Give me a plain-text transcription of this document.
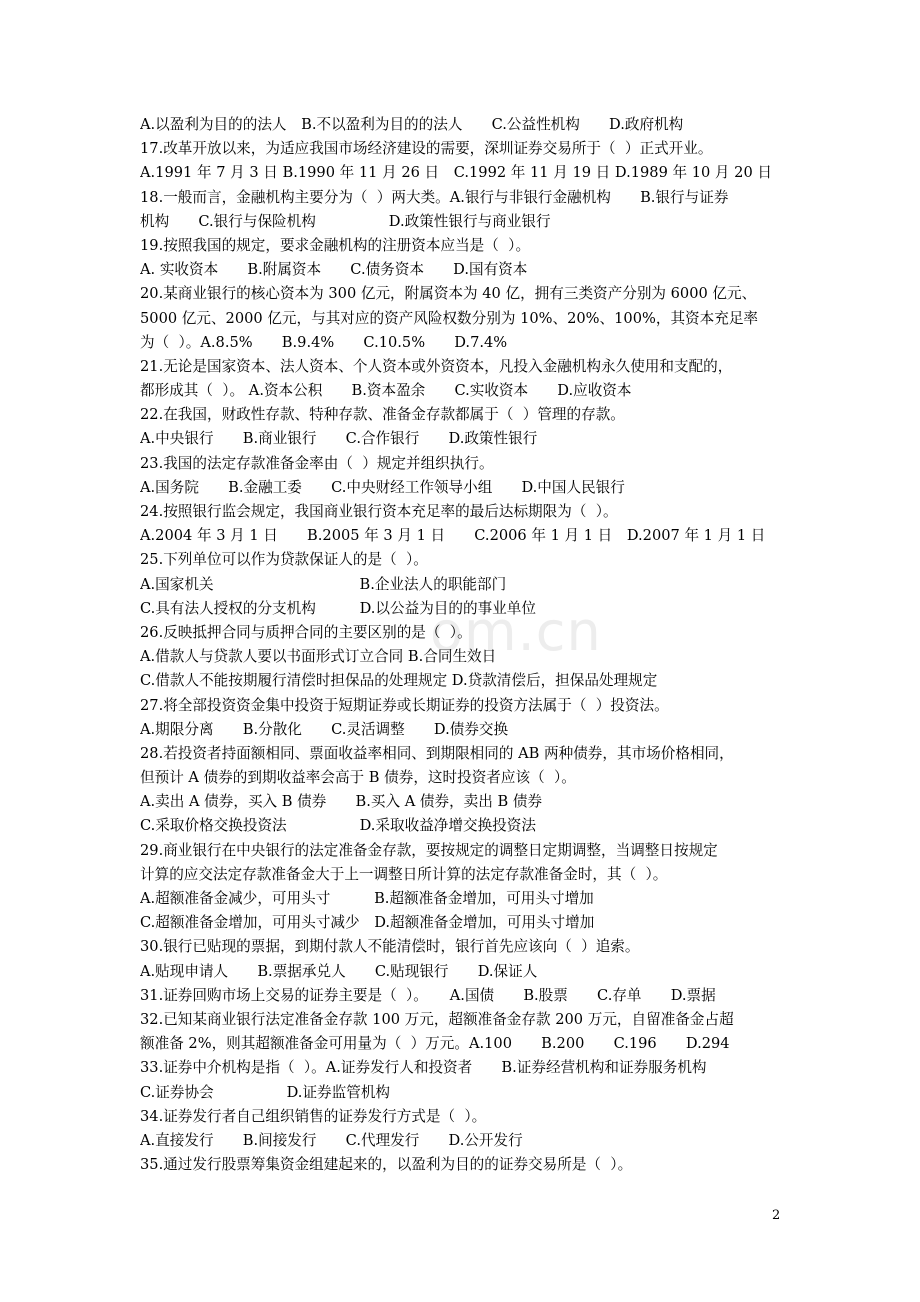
om.cn
A.以盈利为目的的法人　B.不以盈利为目的的法人　　C.公益性机构　　D.政府机构
17.改革开放以来，为适应我国市场经济建设的需要，深圳证券交易所于（  ）正式开业。
A.1991 年 7 月 3 日 B.1990 年 11 月 26 日　C.1992 年 11 月 19 日 D.1989 年 10 月 20 日
18.一般而言，金融机构主要分为（  ）两大类。A.银行与非银行金融机构　　B.银行与证券
机构　　C.银行与保险机构　　　　　D.政策性银行与商业银行
19.按照我国的规定，要求金融机构的注册资本应当是（  ）。
A. 实收资本　　B.附属资本　　C.债务资本　　D.国有资本
20.某商业银行的核心资本为 300 亿元，附属资本为 40 亿，拥有三类资产分别为 6000 亿元、
5000 亿元、2000 亿元，与其对应的资产风险权数分别为 10%、20%、100%，其资本充足率
为（  ）。A.8.5%　　B.9.4%　　C.10.5%　　D.7.4%
21.无论是国家资本、法人资本、个人资本或外资资本，凡投入金融机构永久使用和支配的，
都形成其（  ）。 A.资本公积　　B.资本盈余　　C.实收资本　　D.应收资本
22.在我国，财政性存款、特种存款、准备金存款都属于（  ）管理的存款。
A.中央银行　　B.商业银行　　C.合作银行　　D.政策性银行
23.我国的法定存款准备金率由（  ）规定并组织执行。
A.国务院　　B.金融工委　　C.中央财经工作领导小组　　D.中国人民银行
24.按照银行监会规定，我国商业银行资本充足率的最后达标期限为（  ）。
A.2004 年 3 月 1 日　　B.2005 年 3 月 1 日　　C.2006 年 1 月 1 日　D.2007 年 1 月 1 日
25.下列单位可以作为贷款保证人的是（  ）。
A.国家机关　　　　　　　　　　B.企业法人的职能部门
C.具有法人授权的分支机构　　　D.以公益为目的的事业单位
26.反映抵押合同与质押合同的主要区别的是（  ）。
A.借款人与贷款人要以书面形式订立合同 B.合同生效日
C.借款人不能按期履行清偿时担保品的处理规定 D.贷款清偿后，担保品处理规定
27.将全部投资资金集中投资于短期证券或长期证券的投资方法属于（  ）投资法。
A.期限分离　　B.分散化　　C.灵活调整　　D.债券交换
28.若投资者持面额相同、票面收益率相同、到期限相同的 AB 两种债券，其市场价格相同，
但预计 A 债券的到期收益率会高于 B 债券，这时投资者应该（  ）。
A.卖出 A 债券，买入 B 债券　　B.买入 A 债券，卖出 B 债券
C.采取价格交换投资法　　　　　D.采取收益净增交换投资法
29.商业银行在中央银行的法定准备金存款，要按规定的调整日定期调整，当调整日按规定
计算的应交法定存款准备金大于上一调整日所计算的法定存款准备金时，其（  ）。
A.超额准备金减少，可用头寸　　　B.超额准备金增加，可用头寸增加
C.超额准备金增加，可用头寸减少　D.超额准备金增加，可用头寸增加
30.银行已贴现的票据，到期付款人不能清偿时，银行首先应该向（  ）追索。
A.贴现申请人　　B.票据承兑人　　C.贴现银行　　D.保证人
31.证券回购市场上交易的证券主要是（  ）。　　A.国债　　B.股票　　C.存单　　D.票据
32.已知某商业银行法定准备金存款 100 万元，超额准备金存款 200 万元，自留准备金占超
额准备 2%，则其超额准备金可用量为（  ）万元。A.100　　B.200　　C.196　　D.294
33.证券中介机构是指（  ）。A.证券发行人和投资者　　B.证券经营机构和证券服务机构
C.证券协会　　　　　D.证券监管机构
34.证券发行者自己组织销售的证券发行方式是（  ）。
A.直接发行　　B.间接发行　　C.代理发行　　D.公开发行
35.通过发行股票筹集资金组建起来的，以盈利为目的的证券交易所是（  ）。
2
